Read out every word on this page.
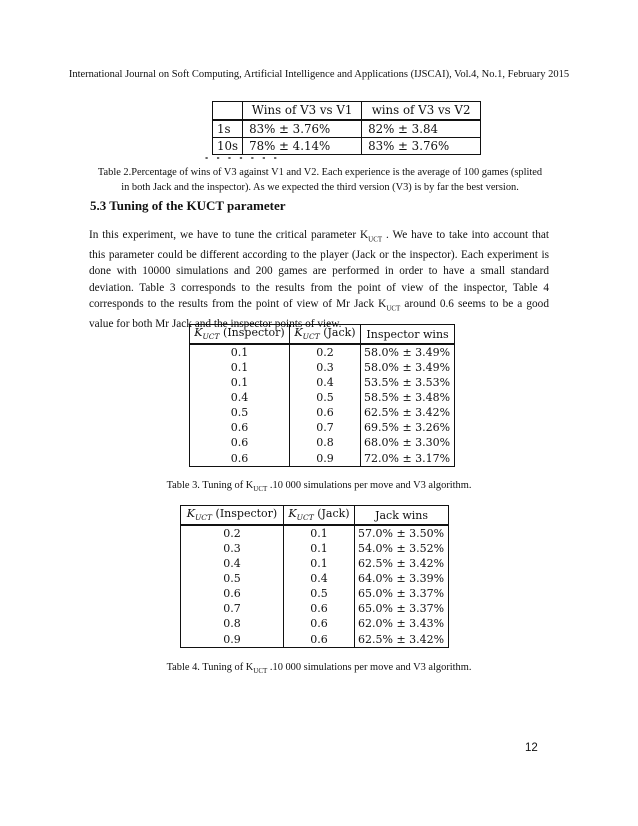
International Journal on Soft Computing, Artificial Intelligence and Applications (IJSCAI), Vol.4, No.1, February 2015
	Wins of V3 vs V1	wins of V3 vs V2
1s	83% ± 3.76%	82% ± 3.84
10s	78% ± 4.14%	83% ± 3.76%
▪ ▪ ▪ ▪ ▪ ▪ ▪
Table 2.Percentage of wins of V3 against V1 and V2. Each experience is the average of 100 games (splited in both Jack and the inspector). As we expected the third version (V3) is by far the best version.
5.3 Tuning of the KUCT parameter
In this experiment, we have to tune the critical parameter $K_{UCT}$ . We have to take into account that this parameter could be different according to the player (Jack or the inspector). Each experiment is done with 10000 simulations and 200 games are performed in order to have a small standard deviation. Table 3 corresponds to the results from the point of view of the inspector, Table 4 corresponds to the results from the point of view of Mr Jack $K_{UCT}$ around 0.6 seems to be a good value for both Mr Jack and the inspector points of view.
$K_{UCT}$ (Inspector)	$K_{UCT}$ (Jack)	Inspector wins
0.1	0.2	58.0% ± 3.49%
0.1	0.3	58.0% ± 3.49%
0.1	0.4	53.5% ± 3.53%
0.4	0.5	58.5% ± 3.48%
0.5	0.6	62.5% ± 3.42%
0.6	0.7	69.5% ± 3.26%
0.6	0.8	68.0% ± 3.30%
0.6	0.9	72.0% ± 3.17%
Table 3. Tuning of $K_{UCT}$ .10 000 simulations per move and V3 algorithm.
$K_{UCT}$ (Inspector)	$K_{UCT}$ (Jack)	Jack wins
0.2	0.1	57.0% ± 3.50%
0.3	0.1	54.0% ± 3.52%
0.4	0.1	62.5% ± 3.42%
0.5	0.4	64.0% ± 3.39%
0.6	0.5	65.0% ± 3.37%
0.7	0.6	65.0% ± 3.37%
0.8	0.6	62.0% ± 3.43%
0.9	0.6	62.5% ± 3.42%
Table 4. Tuning of $K_{UCT}$ .10 000 simulations per move and V3 algorithm.
12
